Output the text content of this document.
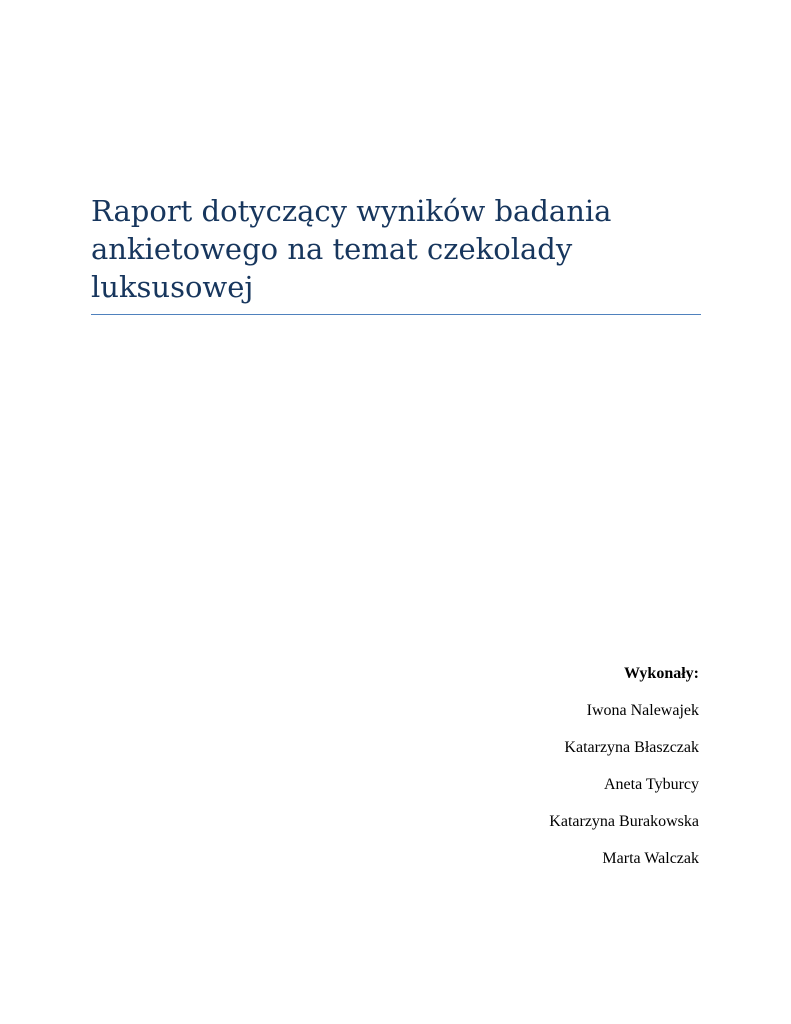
Raport dotyczący wyników badania
ankietowego na temat czekolady
luksusowej
Wykonały:
Iwona Nalewajek
Katarzyna Błaszczak
Aneta Tyburcy
Katarzyna Burakowska
Marta Walczak
